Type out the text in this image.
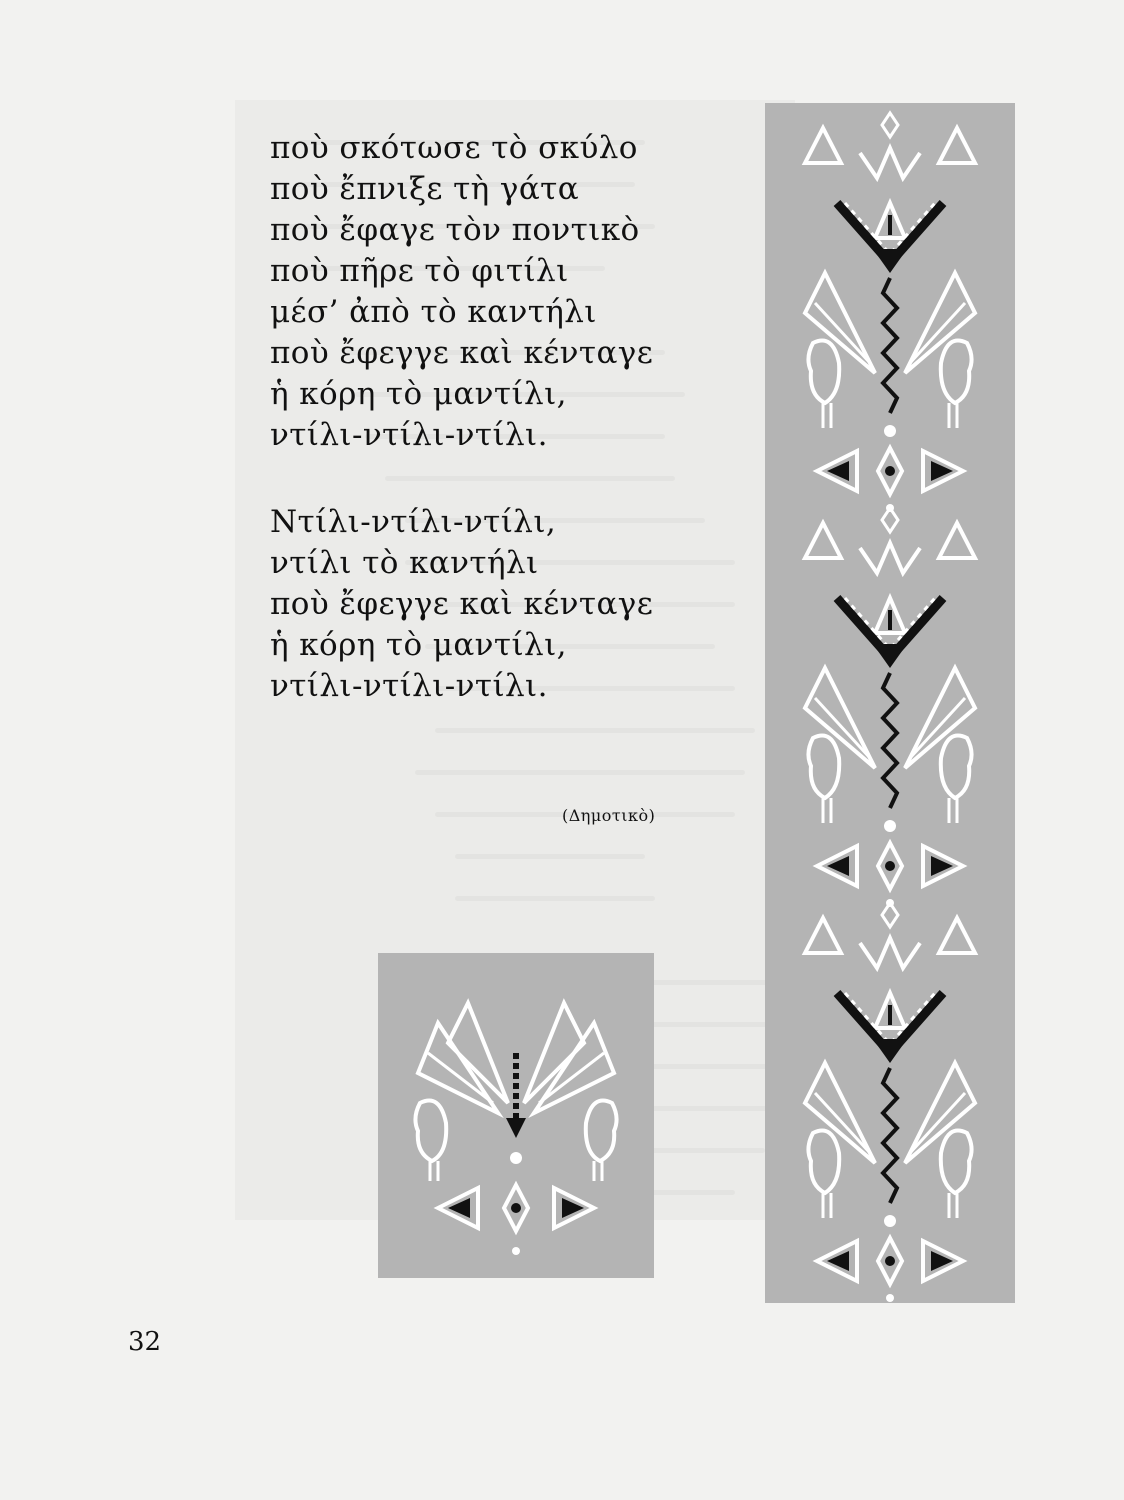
ποὺ σκότωσε τὸ σκύλο
ποὺ ἔπνιξε τὴ γάτα
ποὺ ἔφαγε τὸν ποντικὸ
ποὺ πῆρε τὸ φιτίλι
μέσ’ ἀπὸ τὸ καντήλι
ποὺ ἔφεγγε καὶ κένταγε
ἡ κόρη τὸ μαντίλι,
ντίλι-ντίλι-ντίλι.
Ντίλι-ντίλι-ντίλι,
ντίλι τὸ καντήλι
ποὺ ἔφεγγε καὶ κένταγε
ἡ κόρη τὸ μαντίλι,
ντίλι-ντίλι-ντίλι.
(Δημοτικὸ)
32
